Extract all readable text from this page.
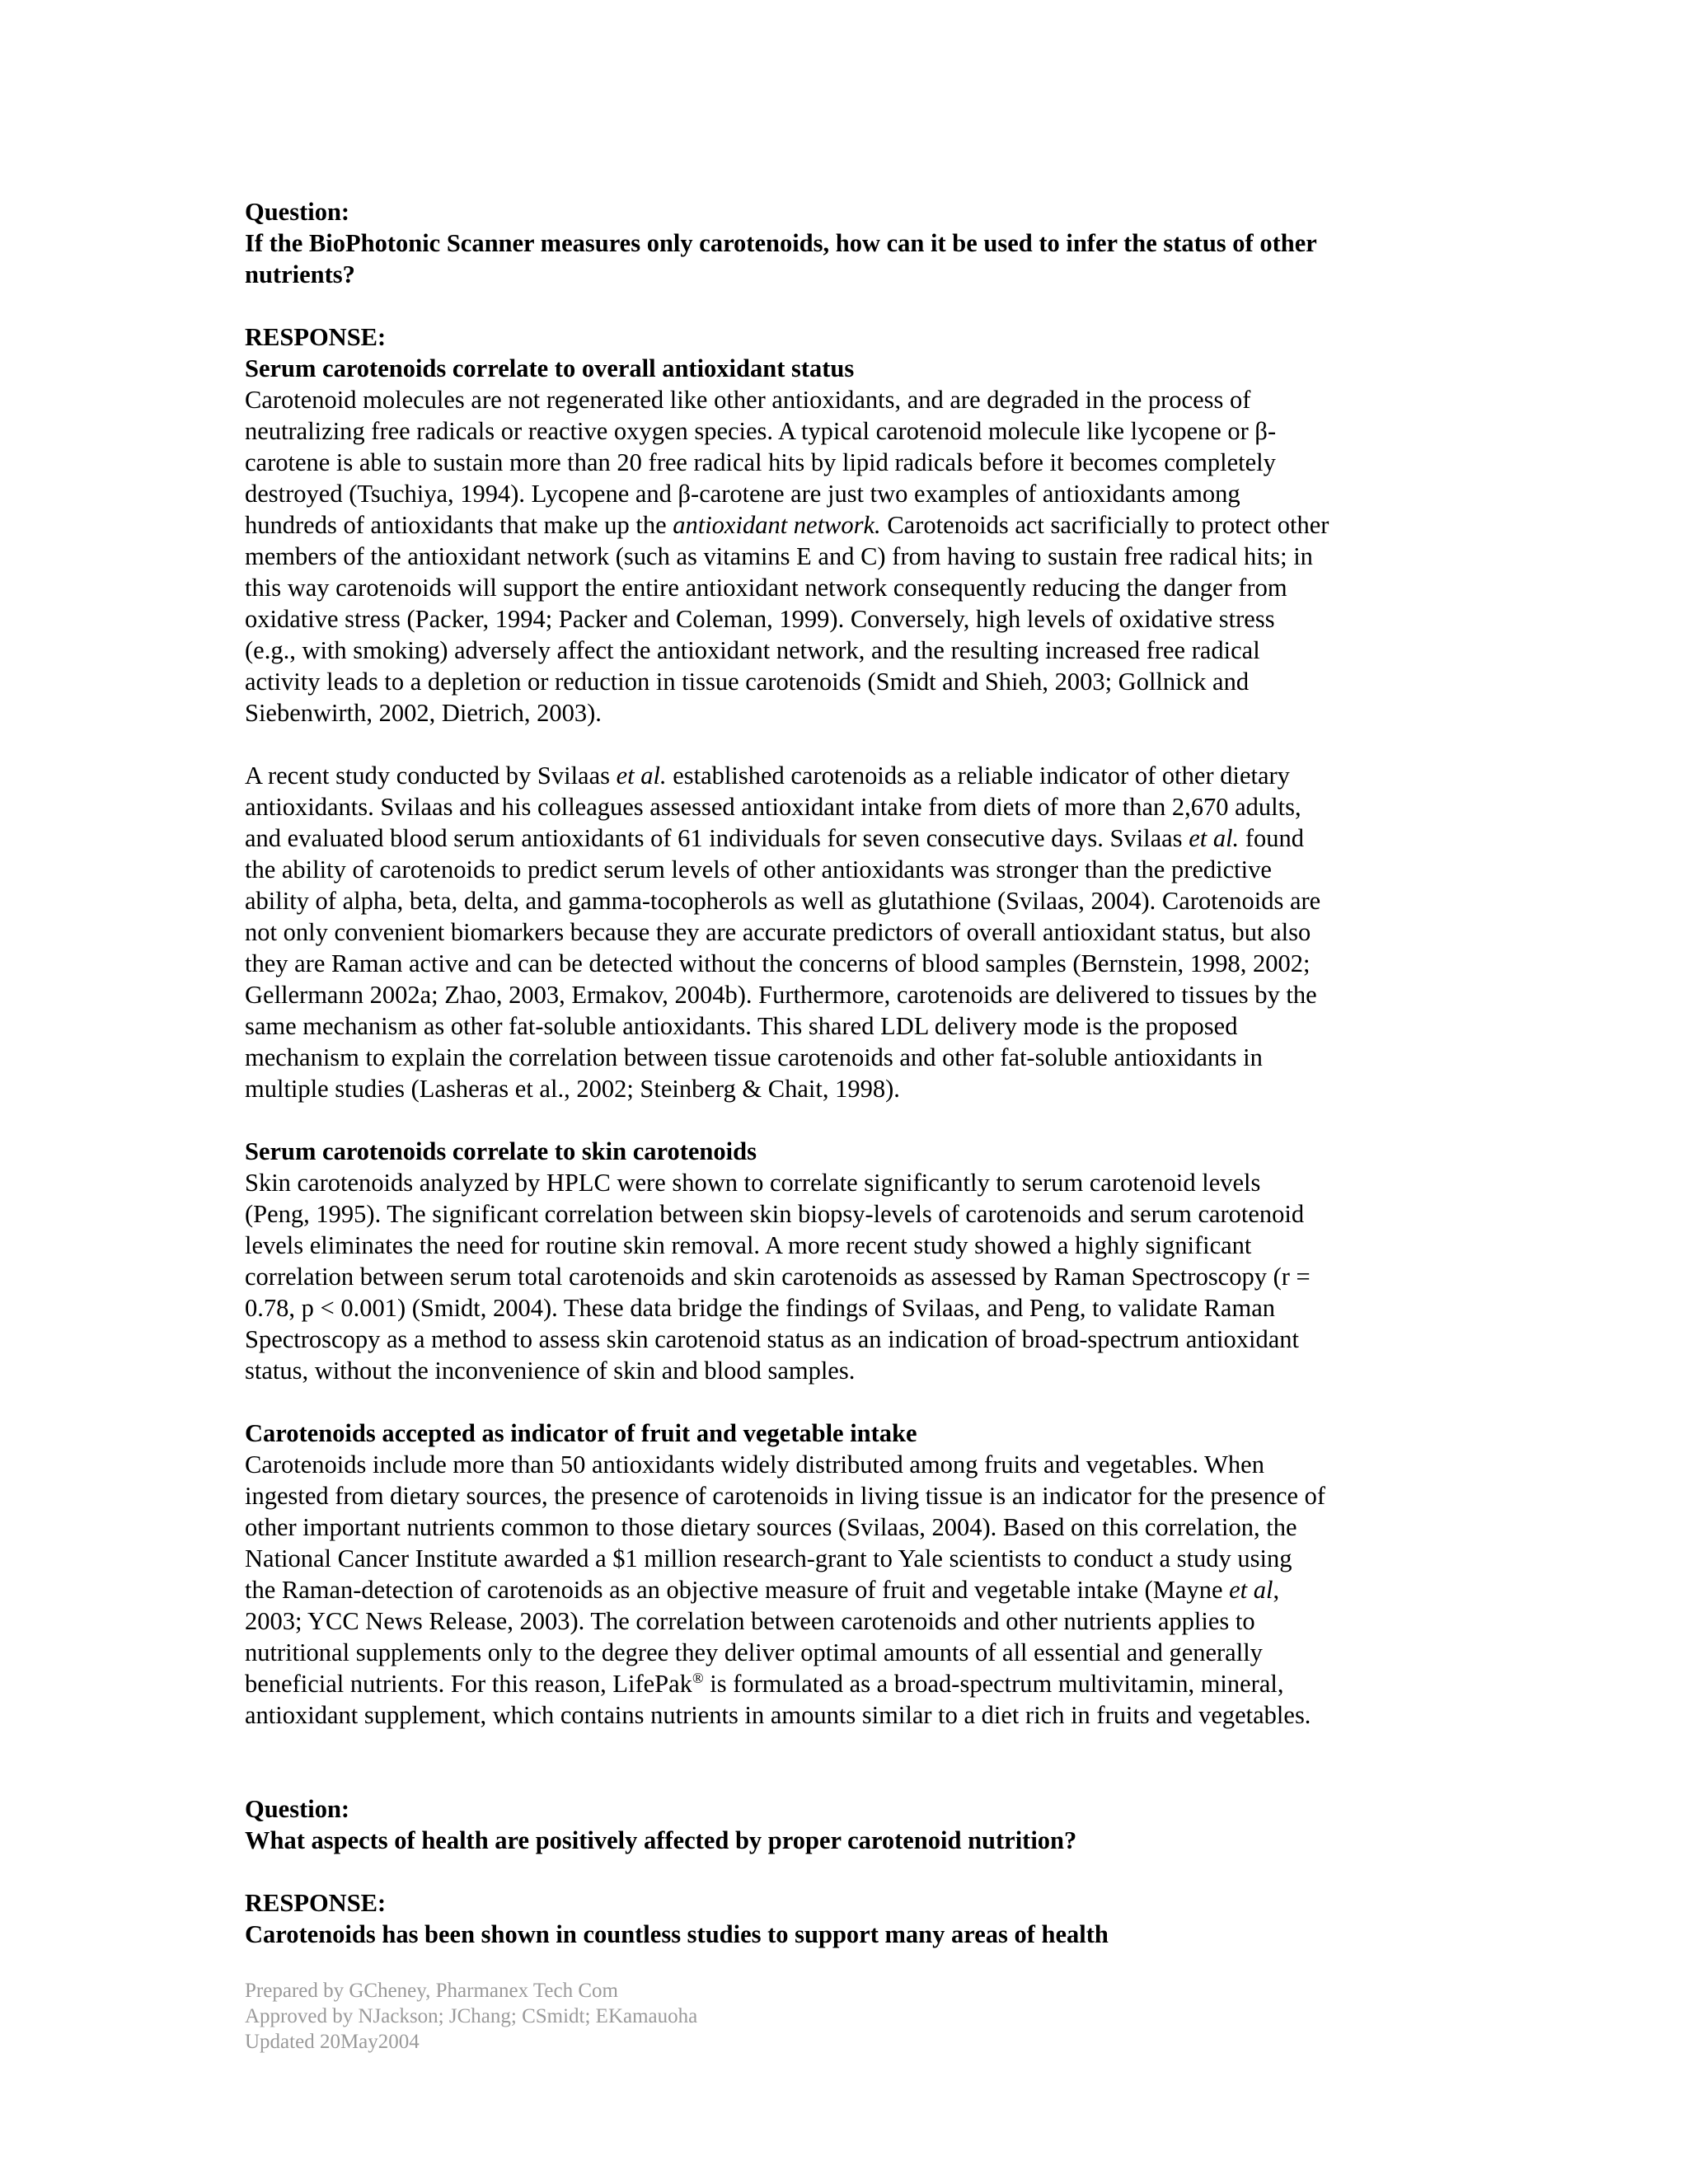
Question:
If the BioPhotonic Scanner measures only carotenoids, how can it be used to infer the status of other
nutrients?
RESPONSE:
Serum carotenoids correlate to overall antioxidant status
Carotenoid molecules are not regenerated like other antioxidants, and are degraded in the process of
neutralizing free radicals or reactive oxygen species. A typical carotenoid molecule like lycopene or β-
carotene is able to sustain more than 20 free radical hits by lipid radicals before it becomes completely
destroyed (Tsuchiya, 1994). Lycopene and β-carotene are just two examples of antioxidants among
hundreds of antioxidants that make up the antioxidant network. Carotenoids act sacrificially to protect other
members of the antioxidant network (such as vitamins E and C) from having to sustain free radical hits; in
this way carotenoids will support the entire antioxidant network consequently reducing the danger from
oxidative stress (Packer, 1994; Packer and Coleman, 1999). Conversely, high levels of oxidative stress
(e.g., with smoking) adversely affect the antioxidant network, and the resulting increased free radical
activity leads to a depletion or reduction in tissue carotenoids (Smidt and Shieh, 2003; Gollnick and
Siebenwirth, 2002, Dietrich, 2003).
A recent study conducted by Svilaas et al. established carotenoids as a reliable indicator of other dietary
antioxidants. Svilaas and his colleagues assessed antioxidant intake from diets of more than 2,670 adults,
and evaluated blood serum antioxidants of 61 individuals for seven consecutive days. Svilaas et al. found
the ability of carotenoids to predict serum levels of other antioxidants was stronger than the predictive
ability of alpha, beta, delta, and gamma-tocopherols as well as glutathione (Svilaas, 2004). Carotenoids are
not only convenient biomarkers because they are accurate predictors of overall antioxidant status, but also
they are Raman active and can be detected without the concerns of blood samples (Bernstein, 1998, 2002;
Gellermann 2002a; Zhao, 2003, Ermakov, 2004b). Furthermore, carotenoids are delivered to tissues by the
same mechanism as other fat-soluble antioxidants. This shared LDL delivery mode is the proposed
mechanism to explain the correlation between tissue carotenoids and other fat-soluble antioxidants in
multiple studies (Lasheras et al., 2002; Steinberg & Chait, 1998).
Serum carotenoids correlate to skin carotenoids
Skin carotenoids analyzed by HPLC were shown to correlate significantly to serum carotenoid levels
(Peng, 1995). The significant correlation between skin biopsy-levels of carotenoids and serum carotenoid
levels eliminates the need for routine skin removal. A more recent study showed a highly significant
correlation between serum total carotenoids and skin carotenoids as assessed by Raman Spectroscopy (r =
0.78, p < 0.001) (Smidt, 2004). These data bridge the findings of Svilaas, and Peng, to validate Raman
Spectroscopy as a method to assess skin carotenoid status as an indication of broad-spectrum antioxidant
status, without the inconvenience of skin and blood samples.
Carotenoids accepted as indicator of fruit and vegetable intake
Carotenoids include more than 50 antioxidants widely distributed among fruits and vegetables. When
ingested from dietary sources, the presence of carotenoids in living tissue is an indicator for the presence of
other important nutrients common to those dietary sources (Svilaas, 2004). Based on this correlation, the
National Cancer Institute awarded a $1 million research-grant to Yale scientists to conduct a study using
the Raman-detection of carotenoids as an objective measure of fruit and vegetable intake (Mayne et al,
2003; YCC News Release, 2003). The correlation between carotenoids and other nutrients applies to
nutritional supplements only to the degree they deliver optimal amounts of all essential and generally
beneficial nutrients. For this reason, LifePak® is formulated as a broad-spectrum multivitamin, mineral,
antioxidant supplement, which contains nutrients in amounts similar to a diet rich in fruits and vegetables.
Question:
What aspects of health are positively affected by proper carotenoid nutrition?
RESPONSE:
Carotenoids has been shown in countless studies to support many areas of health
Prepared by GCheney, Pharmanex Tech Com
Approved by NJackson; JChang; CSmidt; EKamauoha
Updated 20May2004
